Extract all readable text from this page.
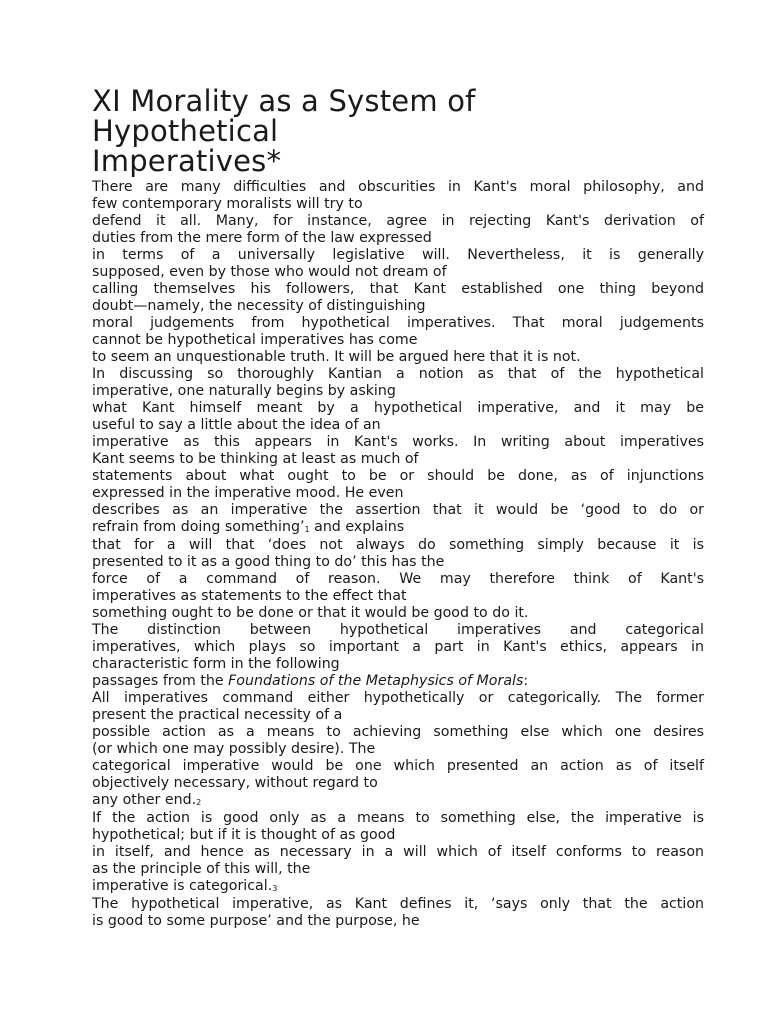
XI Morality as a System of
Hypothetical
Imperatives*
There are many difficulties and obscurities in Kant's moral philosophy, and
few contemporary moralists will try to
defend it all. Many, for instance, agree in rejecting Kant's derivation of
duties from the mere form of the law expressed
in terms of a universally legislative will. Nevertheless, it is generally
supposed, even by those who would not dream of
calling themselves his followers, that Kant established one thing beyond
doubt—namely, the necessity of distinguishing
moral judgements from hypothetical imperatives. That moral judgements
cannot be hypothetical imperatives has come
to seem an unquestionable truth. It will be argued here that it is not.
In discussing so thoroughly Kantian a notion as that of the hypothetical
imperative, one naturally begins by asking
what Kant himself meant by a hypothetical imperative, and it may be
useful to say a little about the idea of an
imperative as this appears in Kant's works. In writing about imperatives
Kant seems to be thinking at least as much of
statements about what ought to be or should be done, as of injunctions
expressed in the imperative mood. He even
describes as an imperative the assertion that it would be ‘good to do or
refrain from doing $something’_1$ and explains
that for a will that ‘does not always do something simply because it is
presented to it as a good thing to do’ this has the
force of a command of reason. We may therefore think of Kant's
imperatives as statements to the effect that
something ought to be done or that it would be good to do it.
The distinction between hypothetical imperatives and categorical
imperatives, which plays so important a part in Kant's ethics, appears in
characteristic form in the following
passages from the Foundations of the Metaphysics of Morals:
All imperatives command either hypothetically or categorically. The former
present the practical necessity of a
possible action as a means to achieving something else which one desires
(or which one may possibly desire). The
categorical imperative would be one which presented an action as of itself
objectively necessary, without regard to
any other $end._2$
If the action is good only as a means to something else, the imperative is
hypothetical; but if it is thought of as good
in itself, and hence as necessary in a will which of itself conforms to reason
as the principle of this will, the
imperative is $categorical._3$
The hypothetical imperative, as Kant defines it, ‘says only that the action
is good to some purpose’ and the purpose, he
